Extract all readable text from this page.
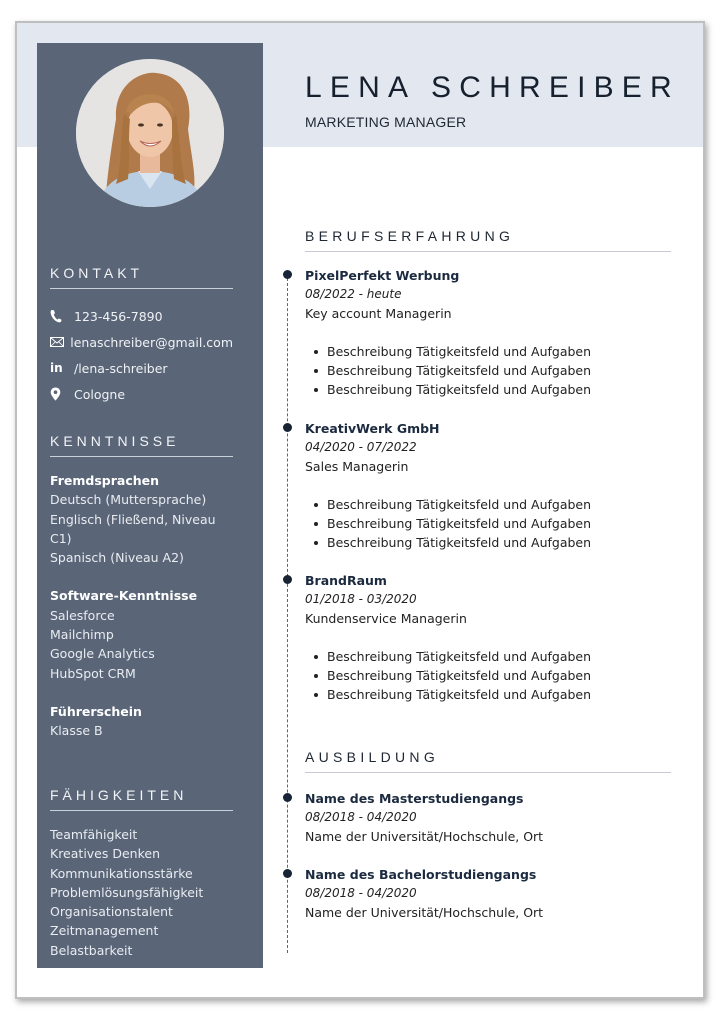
KONTAKT
123-456-7890
lenaschreiber@gmail.com
in /lena-schreiber
Cologne
KENNTNISSE
Fremdsprachen
Deutsch (Muttersprache)
Englisch (Fließend, Niveau C1)
Spanisch (Niveau A2)
Software-Kenntnisse
Salesforce
Mailchimp
Google Analytics
HubSpot CRM
Führerschein
Klasse B
FÄHIGKEITEN
Teamfähigkeit
Kreatives Denken
Kommunikationsstärke
Problemlösungsfähigkeit
Organisationstalent
Zeitmanagement
Belastbarkeit
LENA SCHREIBER
MARKETING MANAGER
BERUFSERFAHRUNG
PixelPerfekt Werbung
08/2022 - heute
Key account Managerin
Beschreibung Tätigkeitsfeld und Aufgaben
Beschreibung Tätigkeitsfeld und Aufgaben
Beschreibung Tätigkeitsfeld und Aufgaben
KreativWerk GmbH
04/2020 - 07/2022
Sales Managerin
Beschreibung Tätigkeitsfeld und Aufgaben
Beschreibung Tätigkeitsfeld und Aufgaben
Beschreibung Tätigkeitsfeld und Aufgaben
BrandRaum
01/2018 - 03/2020
Kundenservice Managerin
Beschreibung Tätigkeitsfeld und Aufgaben
Beschreibung Tätigkeitsfeld und Aufgaben
Beschreibung Tätigkeitsfeld und Aufgaben
AUSBILDUNG
Name des Masterstudiengangs
08/2018 - 04/2020
Name der Universität/Hochschule, Ort
Name des Bachelorstudiengangs
08/2018 - 04/2020
Name der Universität/Hochschule, Ort
